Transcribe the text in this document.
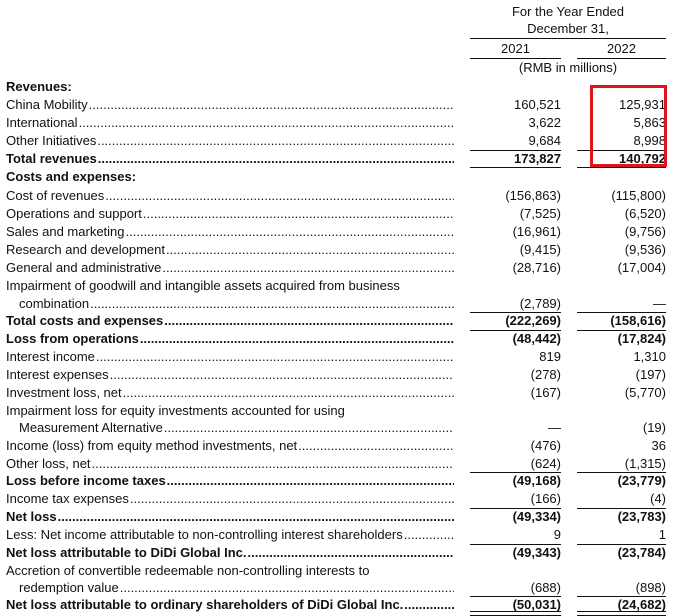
For the Year Ended
December 31,
2021	2022
(RMB in millions)
Revenues:
China Mobility .....	160,521	125,931
International .....	3,622	5,863
Other Initiatives .....	9,684	8,998
Total revenues .....	173,827	140,792
Costs and expenses:
Cost of revenues .....	(156,863)	(115,800)
Operations and support .....	(7,525)	(6,520)
Sales and marketing .....	(16,961)	(9,756)
Research and development .....	(9,415)	(9,536)
General and administrative .....	(28,716)	(17,004)
Impairment of goodwill and intangible assets acquired from business
combination .....	(2,789)	—
Total costs and expenses .....	(222,269)	(158,616)
Loss from operations .....	(48,442)	(17,824)
Interest income .....	819	1,310
Interest expenses .....	(278)	(197)
Investment loss, net .....	(167)	(5,770)
Impairment loss for equity investments accounted for using
Measurement Alternative .....	—	(19)
Income (loss) from equity method investments, net .....	(476)	36
Other loss, net .....	(624)	(1,315)
Loss before income taxes .....	(49,168)	(23,779)
Income tax expenses .....	(166)	(4)
Net loss .....	(49,334)	(23,783)
Less: Net income attributable to non-controlling interest shareholders .....	9	1
Net loss attributable to DiDi Global Inc. .....	(49,343)	(23,784)
Accretion of convertible redeemable non-controlling interests to
redemption value .....	(688)	(898)
Net loss attributable to ordinary shareholders of DiDi Global Inc. .....	(50,031)	(24,682)
